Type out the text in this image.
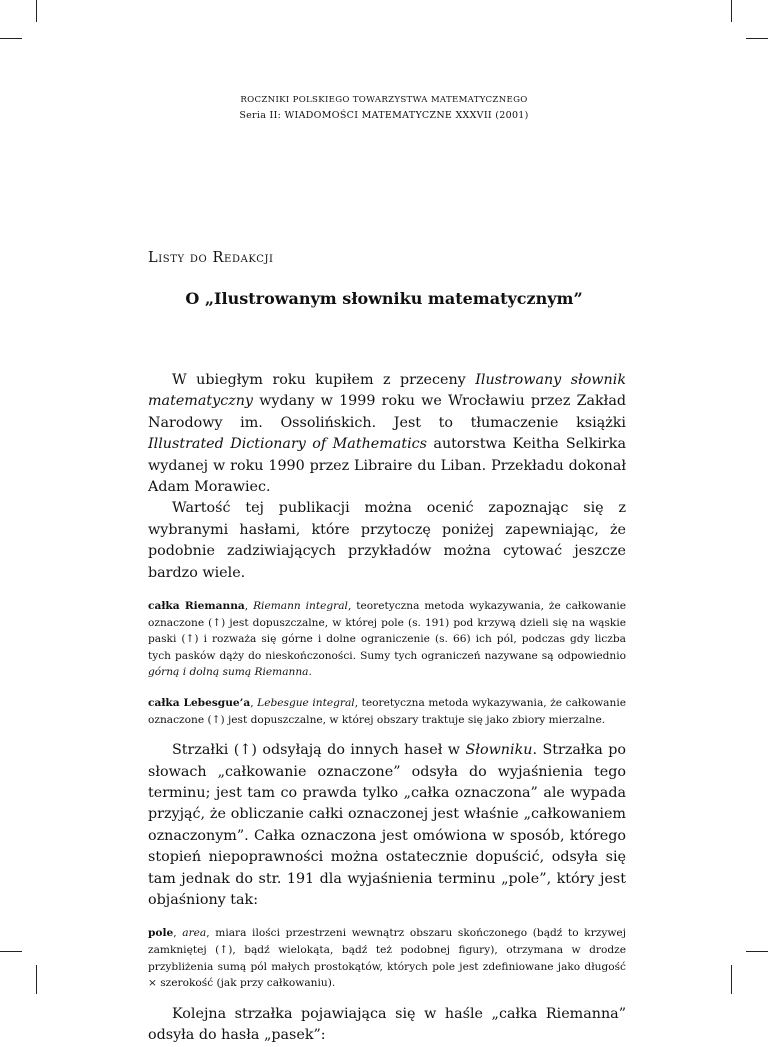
ROCZNIKI POLSKIEGO TOWARZYSTWA MATEMATYCZNEGO
Seria II: WIADOMOŚCI MATEMATYCZNE XXXVII (2001)
Listy do Redakcji
O „Ilustrowanym słowniku matematycznym”

W ubiegłym roku kupiłem z przeceny Ilustrowany słownik matematyczny wydany w 1999 roku we Wrocławiu przez Zakład Narodowy im. Ossolińskich. Jest to tłumaczenie książki Illustrated Dictionary of Mathematics autorstwa Keitha Selkirka wydanej w roku 1990 przez Libraire du Liban. Przekładu dokonał Adam Morawiec.

Wartość tej publikacji można ocenić zapoznając się z wybranymi hasłami, które przytoczę poniżej zapewniając, że podobnie zadziwiających przykładów można cytować jeszcze bardzo wiele.

całka Riemanna, Riemann integral, teoretyczna metoda wykazywania, że całkowanie oznaczone (↑) jest dopuszczalne, w której pole (s. 191) pod krzywą dzieli się na wąskie paski (↑) i rozważa się górne i dolne ograniczenie (s. 66) ich pól, podczas gdy liczba tych pasków dąży do nieskończoności. Sumy tych ograniczeń nazywane są odpowiednio górną i dolną sumą Riemanna.
całka Lebesgue’a, Lebesgue integral, teoretyczna metoda wykazywania, że całkowanie oznaczone (↑) jest dopuszczalne, w której obszary traktuje się jako zbiory mierzalne.

Strzałki (↑) odsyłają do innych haseł w Słowniku. Strzałka po słowach „całkowanie oznaczone” odsyła do wyjaśnienia tego terminu; jest tam co prawda tylko „całka oznaczona” ale wypada przyjąć, że obliczanie całki oznaczonej jest właśnie „całkowaniem oznaczonym”. Całka oznaczona jest omówiona w sposób, którego stopień niepoprawności można ostatecznie dopuścić, odsyła się tam jednak do str. 191 dla wyjaśnienia terminu „pole”, który jest objaśniony tak:

pole, area, miara ilości przestrzeni wewnątrz obszaru skończonego (bądź to krzywej zamkniętej (↑), bądź wielokąta, bądź też podobnej figury), otrzymana w drodze przybliżenia sumą pól małych prostokątów, których pole jest zdefiniowane jako długość × szerokość (jak przy całkowaniu).

Kolejna strzałka pojawiająca się w haśle „całka Riemanna” odsyła do hasła „pasek”:
